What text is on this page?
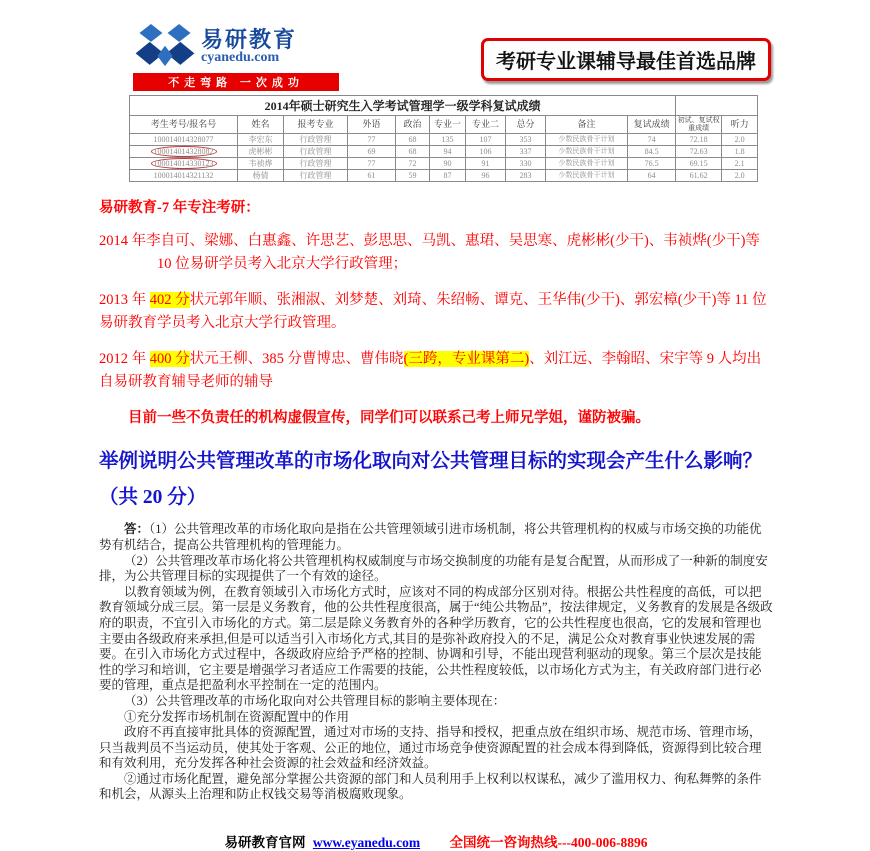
易研教育
cyanedu.com
不走弯路 一次成功
考研专业课辅导最佳首选品牌
2014年硕士研究生入学考试管理学一级学科复试成绩											
考生考号/报名号	姓名	报考专业	外语	政治	专业一	专业二	总分	备注	复试成绩	初试、复试权重成绩	听力
100014014328077	李宏东	行政管理	77	68	135	107	353	少数民族骨干计划	74	72.18	2.0
100014014328082	虎彬彬	行政管理	69	68	94	106	337	少数民族骨干计划	84.5	72.63	1.8
100014014330123	韦祯烨	行政管理	77	72	90	91	330	少数民族骨干计划	76.5	69.15	2.1
100014014321132	杨倩	行政管理	61	59	87	96	283	少数民族骨干计划	64	61.62	2.0

易研教育-7 年专注考研：

2014 年李自可、梁娜、白惠鑫、许思艺、彭思思、马凯、惠珺、吴思寒、虎彬彬(少干)、韦祯烨(少干)等 10 位易研学员考入北京大学行政管理；

2013 年 402 分状元郭年顺、张湘淑、刘梦楚、刘琦、朱绍畅、谭克、王华伟(少干)、郭宏樟(少干)等 11 位易研教育学员考入北京大学行政管理。

2012 年 400 分状元王柳、385 分曹博忠、曹伟晓(三跨，专业课第二)、刘江远、李翰昭、宋宇等 9 人均出自易研教育辅导老师的辅导

目前一些不负责任的机构虚假宣传，同学们可以联系己考上师兄学姐，谨防被骗。

举例说明公共管理改革的市场化取向对公共管理目标的实现会产生什么影响？（共 20 分）

答：（1）公共管理改革的市场化取向是指在公共管理领域引进市场机制，将公共管理机构的权威与市场交换的功能优势有机结合，提高公共管理机构的管理能力。

（2）公共管理改革市场化将公共管理机构权威制度与市场交换制度的功能有是复合配置，从而形成了一种新的制度安排，为公共管理目标的实现提供了一个有效的途径。

以教育领域为例，在教育领域引入市场化方式时，应该对不同的构成部分区别对待。根据公共性程度的高低，可以把教育领域分成三层。第一层是义务教育，他的公共性程度很高，属于“纯公共物品”，按法律规定，义务教育的发展是各级政府的职责，不宜引入市场化的方式。第二层是除义务教育外的各种学历教育，它的公共性程度也很高，它的发展和管理也主要由各级政府来承担,但是可以适当引入市场化方式,其目的是弥补政府投入的不足，满足公众对教育事业快速发展的需要。在引入市场化方式过程中，各级政府应给予严格的控制、协调和引导，不能出现营利驱动的现象。第三个层次是技能性的学习和培训，它主要是增强学习者适应工作需要的技能，公共性程度较低，以市场化方式为主，有关政府部门进行必要的管理，重点是把盈利水平控制在一定的范围内。

（3）公共管理改革的市场化取向对公共管理目标的影响主要体现在：

①充分发挥市场机制在资源配置中的作用

政府不再直接审批具体的资源配置，通过对市场的支持、指导和授权，把重点放在组织市场、规范市场、管理市场，只当裁判员不当运动员，使其处于客观、公正的地位，通过市场竞争使资源配置的社会成本得到降低，资源得到比较合理和有效利用，充分发挥各种社会资源的社会效益和经济效益。

②通过市场化配置，避免部分掌握公共资源的部门和人员利用手上权利以权谋私，减少了滥用权力、徇私舞弊的条件和机会，从源头上治理和防止权钱交易等消极腐败现象。

易研教育官网 www.eyanedu.com 全国统一咨询热线---400-006-8896
